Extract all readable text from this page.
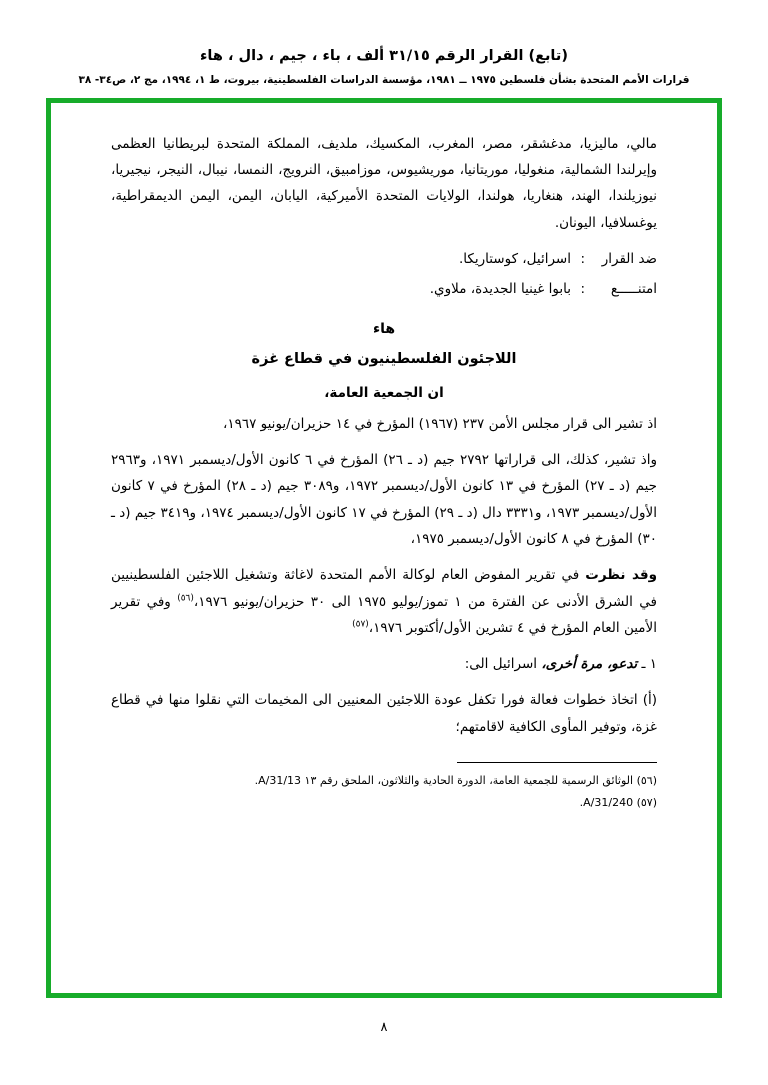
(تابع) القرار الرقم ٣١/١٥ ألف ، باء ، جيم ، دال ، هاء
قرارات الأمم المتحدة بشأن فلسطين ١٩٧٥ ــ ١٩٨١، مؤسسة الدراسات الفلسطينية، بيروت، ط ١، ١٩٩٤، مج ٢، ص٣٤- ٣٨

مالي، ماليزيا، مدغشقر، مصر، المغرب، المكسيك، ملديف، المملكة المتحدة لبريطانيا العظمى وإيرلندا الشمالية، منغوليا، موريتانيا، موريشيوس، موزامبيق، النرويج، النمسا، نيبال، النيجر، نيجيريا، نيوزيلندا، الهند، هنغاريا، هولندا، الولايات المتحدة الأميركية، اليابان، اليمن، اليمن الديمقراطية، يوغسلافيا، اليونان.

ضد القرار:اسرائيل، كوستاريكا.
امتنـــــع:بابوا غينيا الجديدة، ملاوي.
هاء
اللاجئون الفلسطينيون في قطاع غزة
ان الجمعية العامة،

اذ تشير الى قرار مجلس الأمن ٢٣٧ (١٩٦٧) المؤرخ في ١٤ حزيران/يونيو ١٩٦٧،

واذ تشير، كذلك، الى قراراتها ٢٧٩٢ جيم (د ـ ٢٦) المؤرخ في ٦ كانون الأول/ديسمبر ١٩٧١، و٢٩٦٣ جيم (د ـ ٢٧) المؤرخ في ١٣ كانون الأول/ديسمبر ١٩٧٢، و٣٠٨٩ جيم (د ـ ٢٨) المؤرخ في ٧ كانون الأول/ديسمبر ١٩٧٣، و٣٣٣١ دال (د ـ ٢٩) المؤرخ في ١٧ كانون الأول/ديسمبر ١٩٧٤، و٣٤١٩ جيم (د ـ ٣٠) المؤرخ في ٨ كانون الأول/ديسمبر ١٩٧٥،

وقد نظرت في تقرير المفوض العام لوكالة الأمم المتحدة لاغاثة وتشغيل اللاجئين الفلسطينيين في الشرق الأدنى عن الفترة من ١ تموز/يوليو ١٩٧٥ الى ٣٠ حزيران/يونيو ١٩٧٦،$^{(٥٦)}$ وفي تقرير الأمين العام المؤرخ في ٤ تشرين الأول/أكتوبر ١٩٧٦،$^{(٥٧)}$

١ ـ تدعو، مرة أخرى، اسرائيل الى:

(أ) اتخاذ خطوات فعالة فورا تكفل عودة اللاجئين المعنيين الى المخيمات التي نقلوا منها في قطاع غزة، وتوفير المأوى الكافية لاقامتهم؛

(٥٦) الوثائق الرسمية للجمعية العامة، الدورة الحادية والثلاثون، الملحق رقم ١٣ A/31/13.
(٥٧) A/31/240.
٨
